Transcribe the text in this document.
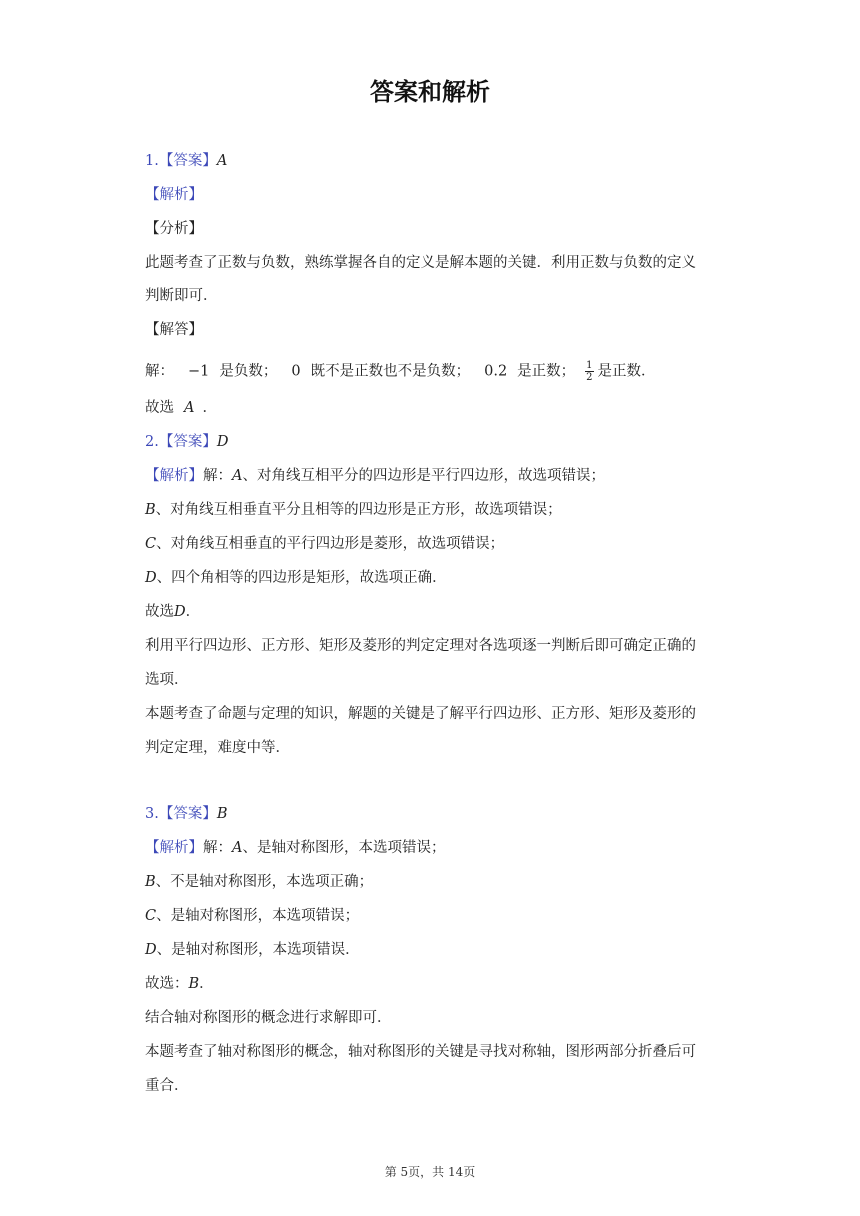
答案和解析
1.【答案】A
【解析】
【分析】
此题考查了正数与负数，熟练掌握各自的定义是解本题的关键．利用正数与负数的定义
判断即可．
【解答】
解： −1 是负数； 0 既不是正数也不是负数； 0.2 是正数； $\frac{1}{2}$ 是正数．
故选 A ．
2.【答案】D
【解析】解：A、对角线互相平分的四边形是平行四边形，故选项错误；
B、对角线互相垂直平分且相等的四边形是正方形，故选项错误；
C、对角线互相垂直的平行四边形是菱形，故选项错误；
D、四个角相等的四边形是矩形，故选项正确．
故选D．
利用平行四边形、正方形、矩形及菱形的判定定理对各选项逐一判断后即可确定正确的
选项．
本题考查了命题与定理的知识，解题的关键是了解平行四边形、正方形、矩形及菱形的
判定定理，难度中等．
3.【答案】B
【解析】解：A、是轴对称图形，本选项错误；
B、不是轴对称图形，本选项正确；
C、是轴对称图形，本选项错误；
D、是轴对称图形，本选项错误．
故选：B．
结合轴对称图形的概念进行求解即可．
本题考查了轴对称图形的概念，轴对称图形的关键是寻找对称轴，图形两部分折叠后可
重合．
第 5页，共 14页
